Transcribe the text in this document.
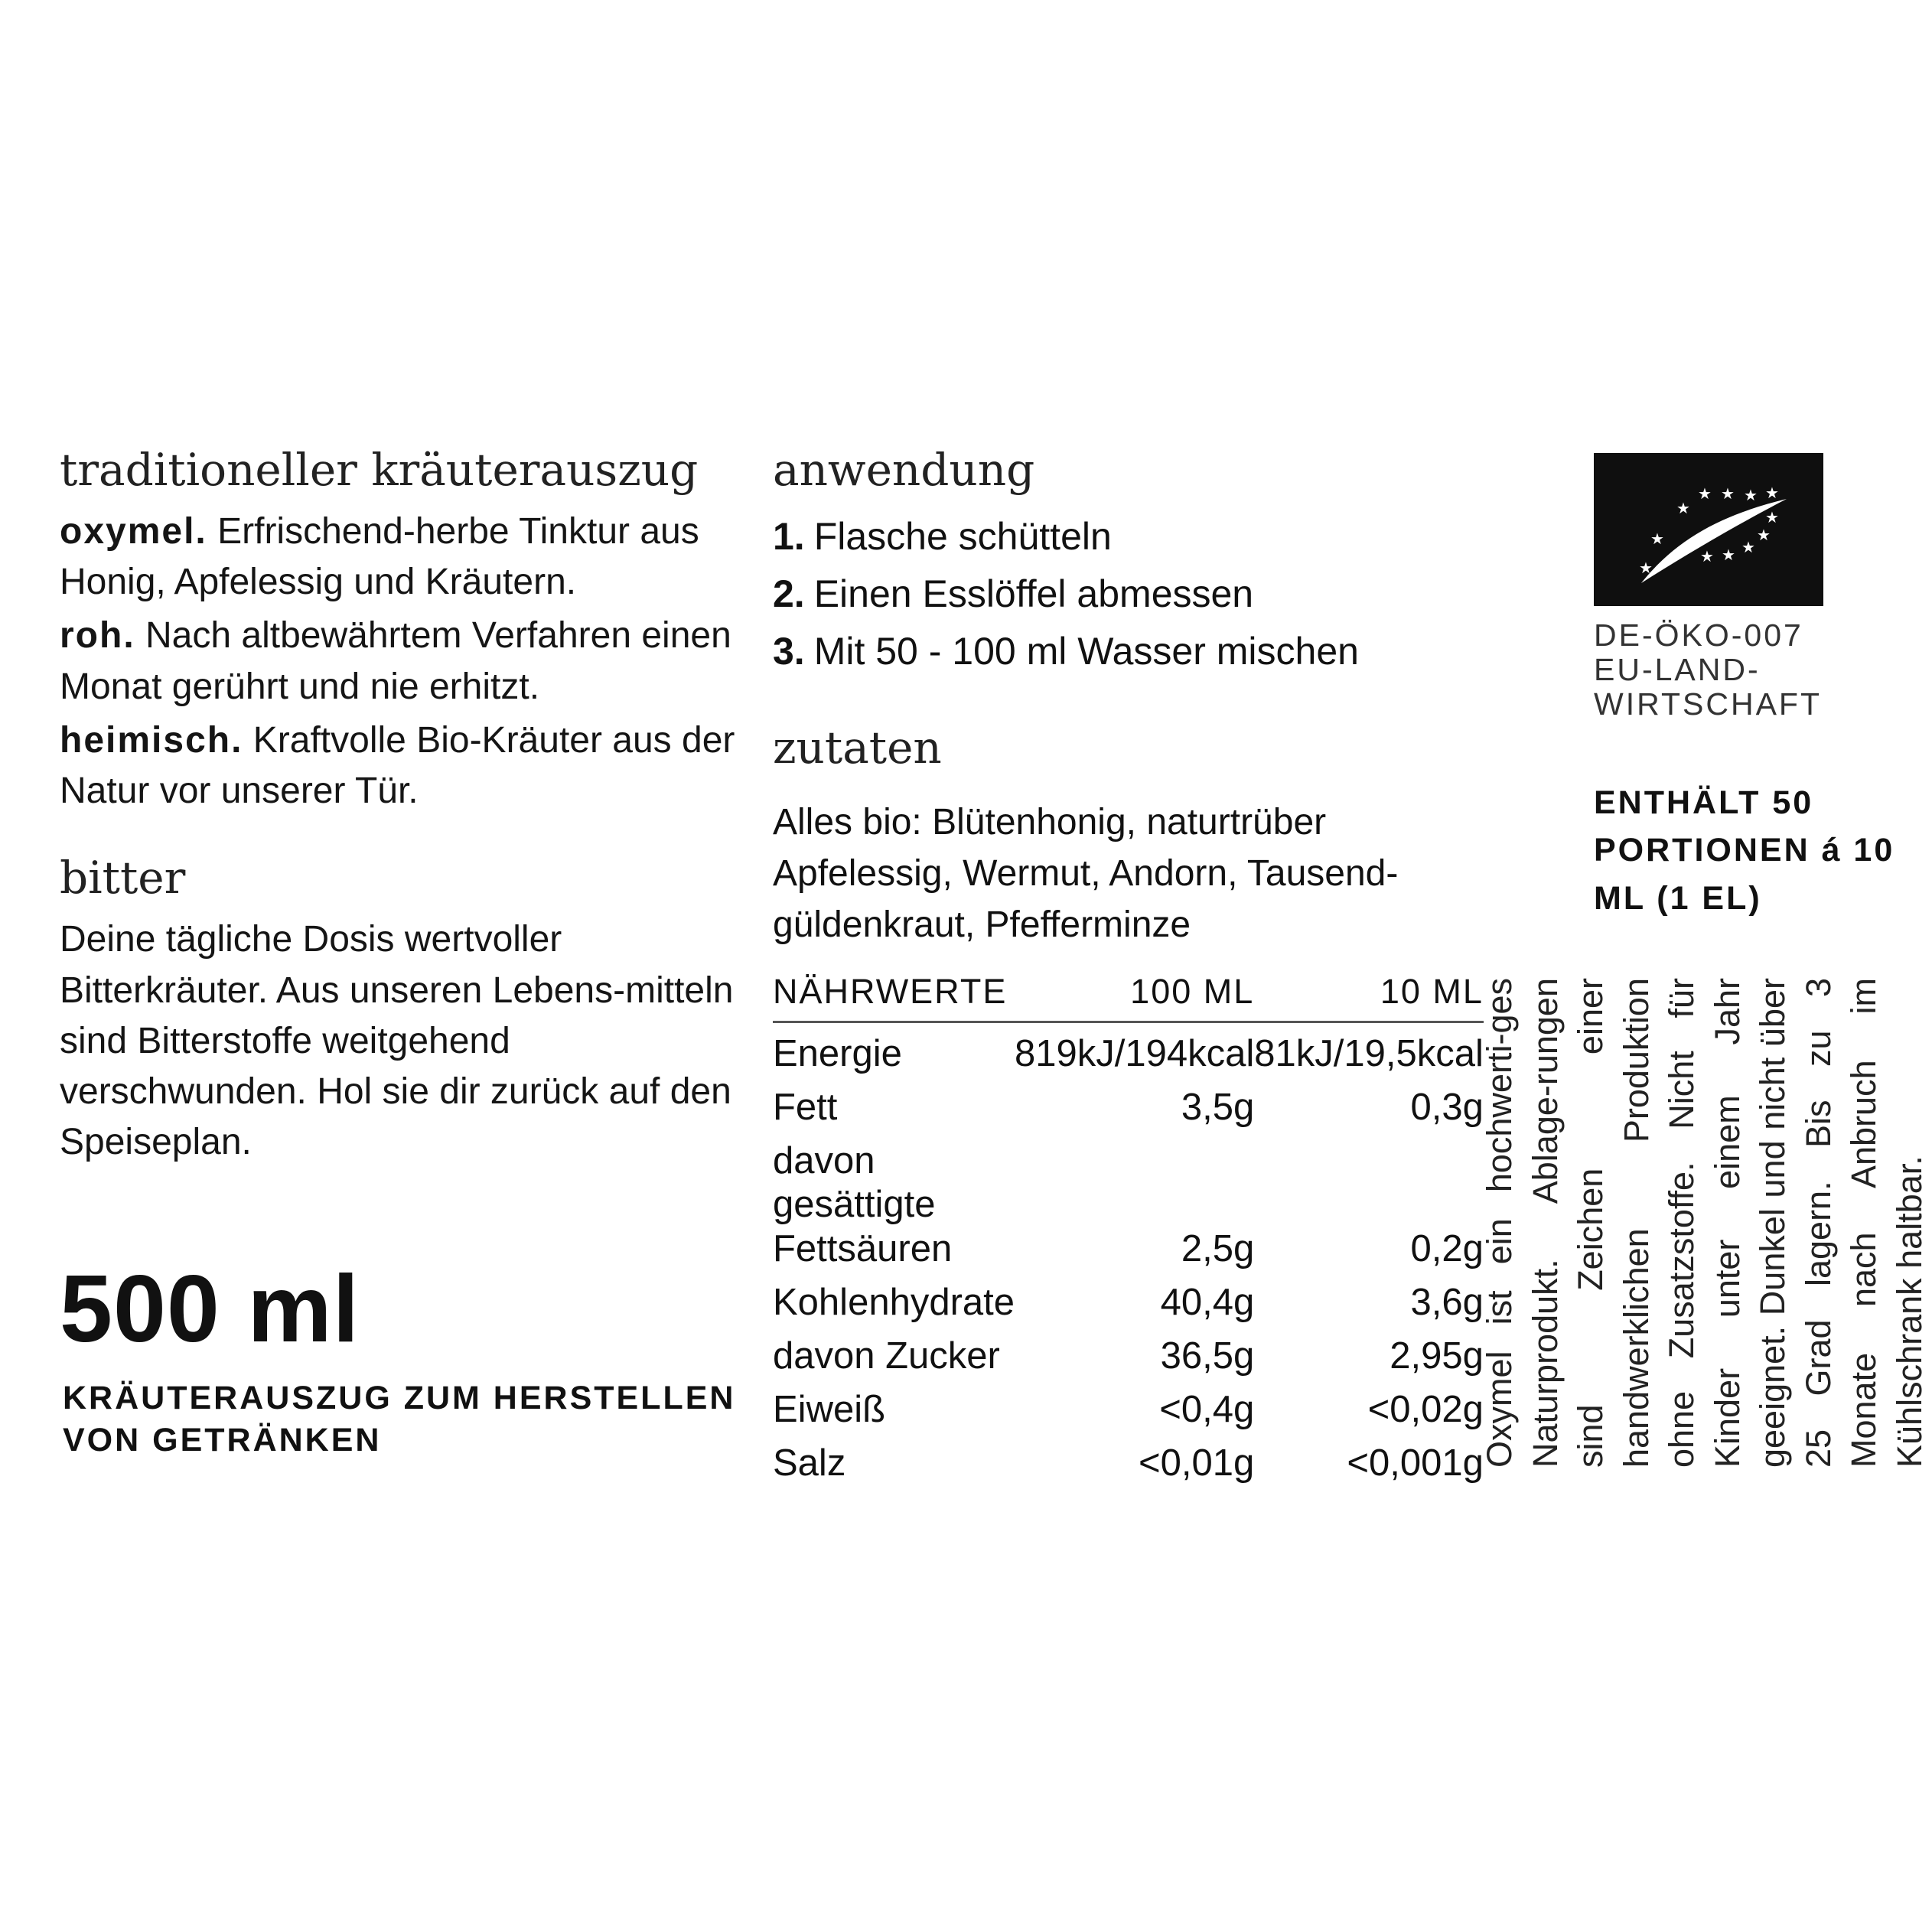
traditioneller kräuterauszug

oxymel. Erfrischend-herbe Tinktur aus Honig, Apfelessig und Kräutern.

roh. Nach altbewährtem Verfahren einen Monat gerührt und nie erhitzt.

heimisch. Kraftvolle Bio-Kräuter aus der Natur vor unserer Tür.

bitter

Deine tägliche Dosis wertvoller Bitterkräuter. Aus unseren Lebens-mitteln sind Bitterstoffe weitgehend verschwunden. Hol sie dir zurück auf den Speiseplan.

500 ml
KRÄUTERAUSZUG ZUM HERSTELLEN VON GETRÄNKEN
anwendung
1. Flasche schütteln
2. Einen Esslöffel abmessen
3. Mit 50 - 100 ml Wasser mischen
zutaten

Alles bio: Blütenhonig, naturtrüber Apfelessig, Wermut, Andorn, Tausend-güldenkraut, Pfefferminze

NÄHRWERTE	100 ML	10 ML
Energie	819kJ/194kcal	81kJ/19,5kcal
Fett	3,5g	0,3g
davon gesättigte Fettsäuren	2,5g	0,2g
Kohlenhydrate	40,4g	3,6g
davon Zucker	36,5g	2,95g
Eiweiß	<0,4g	<0,02g
Salz	<0,01g	<0,001g

Oxymel ist ein hochwerti-ges Naturprodukt. Ablage-rungen sind Zeichen einer handwerklichen Produktion ohne Zusatzstoffe. Nicht für Kinder unter einem Jahr geeignet. Dunkel und nicht über 25 Grad lagern. Bis zu 3 Monate nach Anbruch im Kühlschrank haltbar.

★
★ ★ ★ ★
★
★
★
★
★
★
★
DE-ÖKO-007
EU-LAND-
WIRTSCHAFT
ENTHÄLT 50 PORTIONEN á 10 ML (1 EL)
